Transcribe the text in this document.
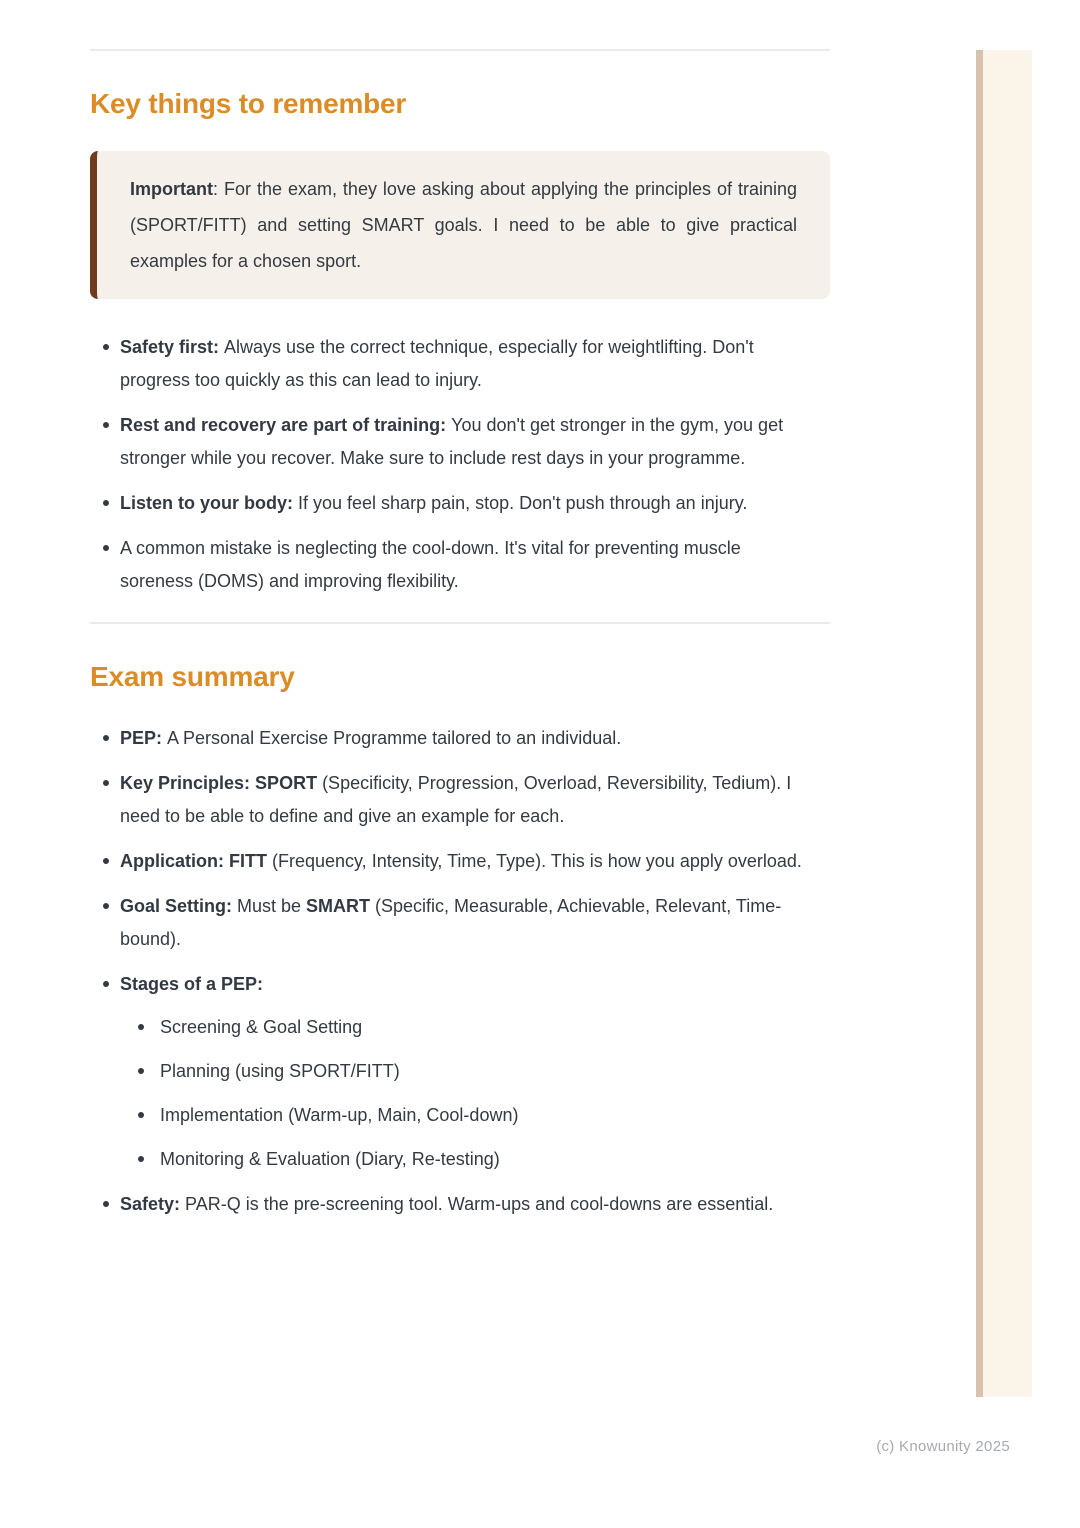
Key things to remember

Important: For the exam, they love asking about applying the principles of training (SPORT/FITT) and setting SMART goals. I need to be able to give practical examples for a chosen sport.

Safety first: Always use the correct technique, especially for weightlifting. Don't progress too quickly as this can lead to injury.
Rest and recovery are part of training: You don't get stronger in the gym, you get stronger while you recover. Make sure to include rest days in your programme.
Listen to your body: If you feel sharp pain, stop. Don't push through an injury.
A common mistake is neglecting the cool-down. It's vital for preventing muscle soreness (DOMS) and improving flexibility.
Exam summary
PEP: A Personal Exercise Programme tailored to an individual.
Key Principles: SPORT (Specificity, Progression, Overload, Reversibility, Tedium). I need to be able to define and give an example for each.
Application: FITT (Frequency, Intensity, Time, Type). This is how you apply overload.
Goal Setting: Must be SMART (Specific, Measurable, Achievable, Relevant, Time-bound).
Stages of a PEP:
Screening & Goal Setting
Planning (using SPORT/FITT)
Implementation (Warm-up, Main, Cool-down)
Monitoring & Evaluation (Diary, Re-testing)
Safety: PAR-Q is the pre-screening tool. Warm-ups and cool-downs are essential.
(c) Knowunity 2025
